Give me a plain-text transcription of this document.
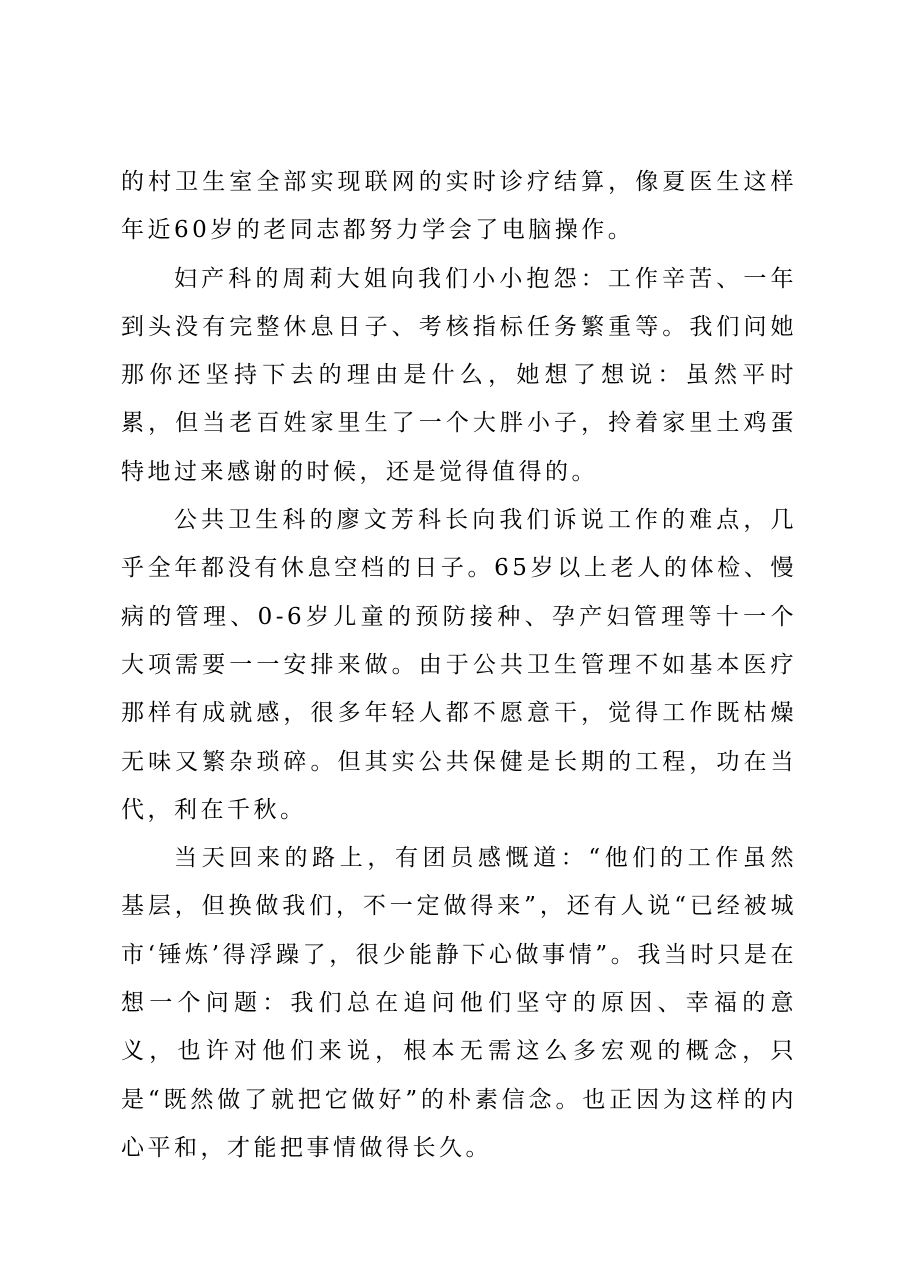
的村卫生室全部实现联网的实时诊疗结算，像夏医生这样年近60岁的老同志都努力学会了电脑操作。

妇产科的周莉大姐向我们小小抱怨：工作辛苦、一年到头没有完整休息日子、考核指标任务繁重等。我们问她那你还坚持下去的理由是什么，她想了想说：虽然平时累，但当老百姓家里生了一个大胖小子，拎着家里土鸡蛋特地过来感谢的时候，还是觉得值得的。

公共卫生科的廖文芳科长向我们诉说工作的难点，几乎全年都没有休息空档的日子。65岁以上老人的体检、慢病的管理、0-6岁儿童的预防接种、孕产妇管理等十一个大项需要一一安排来做。由于公共卫生管理不如基本医疗那样有成就感，很多年轻人都不愿意干，觉得工作既枯燥无味又繁杂琐碎。但其实公共保健是长期的工程，功在当代，利在千秋。

当天回来的路上，有团员感慨道：“他们的工作虽然基层，但换做我们，不一定做得来”，还有人说“已经被城市‘锤炼’得浮躁了，很少能静下心做事情”。我当时只是在想一个问题：我们总在追问他们坚守的原因、幸福的意义，也许对他们来说，根本无需这么多宏观的概念，只是“既然做了就把它做好”的朴素信念。也正因为这样的内心平和，才能把事情做得长久。
